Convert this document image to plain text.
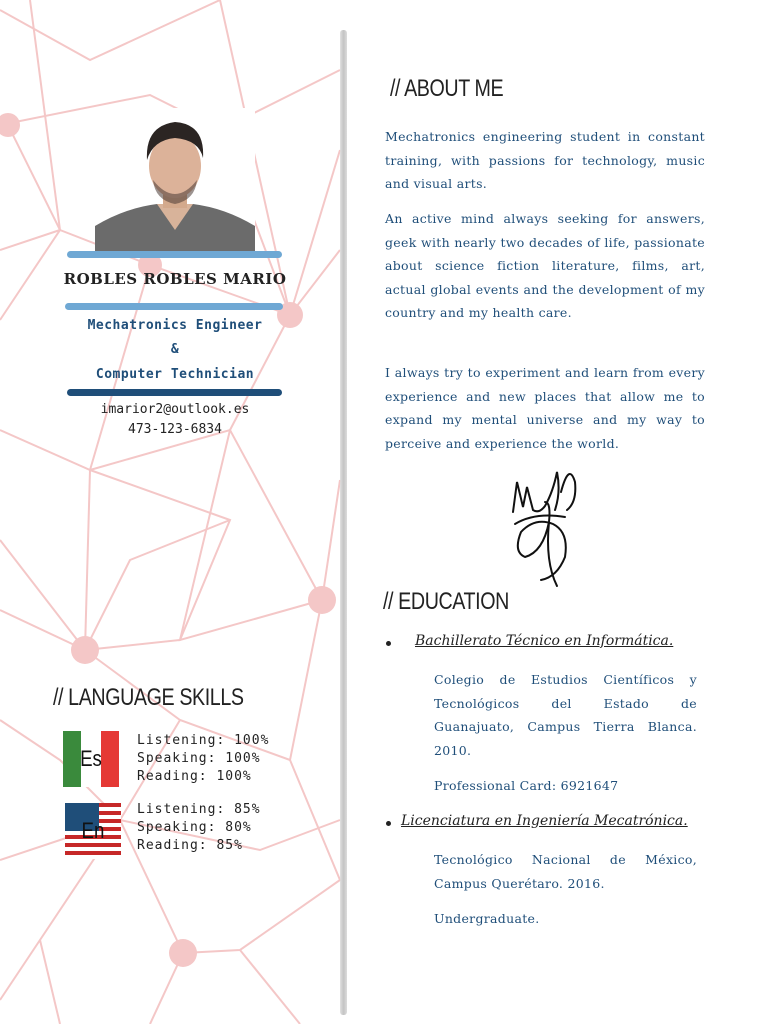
ROBLES ROBLES MARIO
Mechatronics Engineer
&
Computer Technician
imarior2@outlook.es
473-123-6834
// LANGUAGE SKILLS
Es
Listening: 100%
Speaking: 100%
Reading: 100%
En
Listening: 85%
Speaking: 80%
Reading: 85%
// ABOUT ME
Mechatronics engineering student in constant training, with passions for technology, music and visual arts.
An active mind always seeking for answers, geek with nearly two decades of life, passionate about science fiction literature, films, art, actual global events and the development of my country and my health care.
I always try to experiment and learn from every experience and new places that allow me to expand my mental universe and my way to perceive and experience the world.
// EDUCATION
Bachillerato Técnico en Informática.
Colegio de Estudios Científicos y Tecnológicos del Estado de Guanajuato, Campus Tierra Blanca. 2010.
Professional Card: 6921647
Licenciatura en Ingeniería Mecatrónica.
Tecnológico Nacional de México, Campus Querétaro. 2016.
Undergraduate.
